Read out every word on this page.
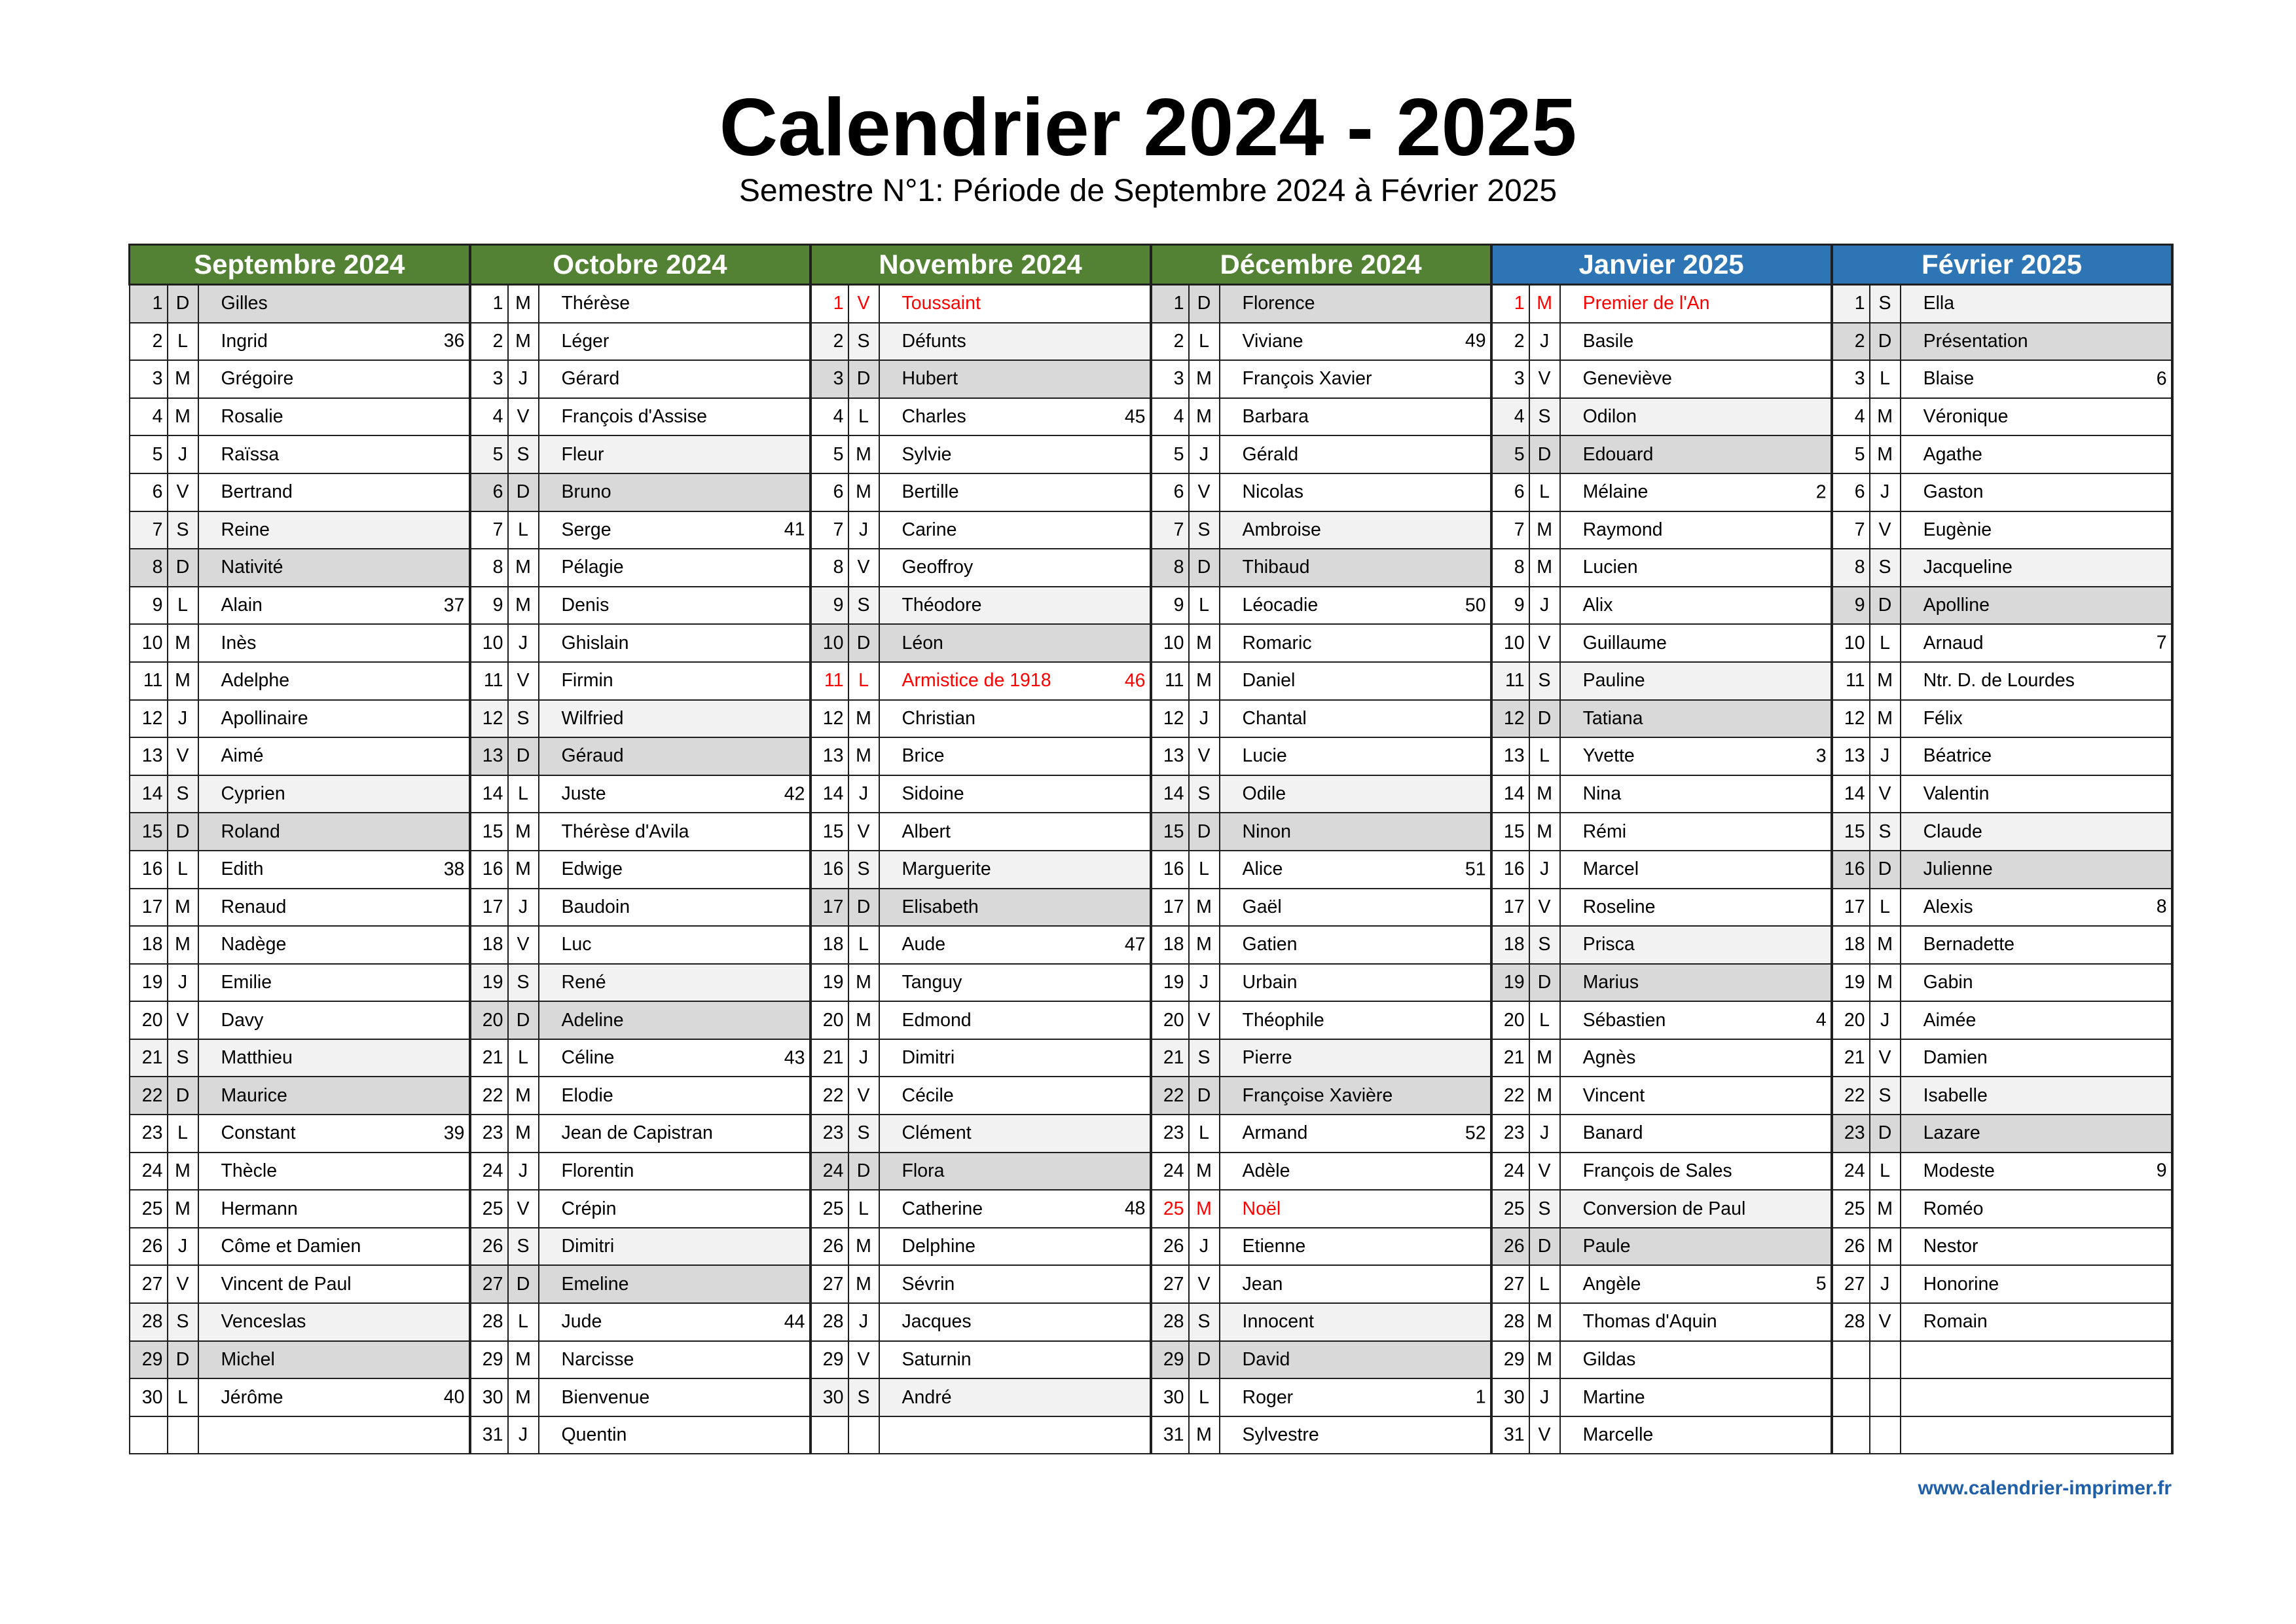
Calendrier 2024 - 2025
Semestre N°1: Période de Septembre 2024 à Février 2025
Septembre 2024			Octobre 2024			Novembre 2024			Décembre 2024			Janvier 2025			Février 2025		
1	D	Gilles	1	M	Thérèse	1	V	Toussaint	1	D	Florence	1	M	Premier de l'An	1	S	Ella
2	L	Ingrid 36	2	M	Léger	2	S	Défunts	2	L	Viviane 49	2	J	Basile	2	D	Présentation
3	M	Grégoire	3	J	Gérard	3	D	Hubert	3	M	François Xavier	3	V	Geneviève	3	L	Blaise 6

4	M	Rosalie	4	V	François d'Assise	4	L	Charles 45	4	M	Barbara	4	S	Odilon	4	M	Véronique
5	J	Raïssa	5	S	Fleur	5	M	Sylvie	5	J	Gérald	5	D	Edouard	5	M	Agathe
6	V	Bertrand	6	D	Bruno	6	M	Bertille	6	V	Nicolas	6	L	Mélaine 2	6	J	Gaston
7	S	Reine	7	L	Serge 41	7	J	Carine	7	S	Ambroise	7	M	Raymond	7	V	Eugènie
8	D	Nativité	8	M	Pélagie	8	V	Geoffroy	8	D	Thibaud	8	M	Lucien	8	S	Jacqueline
9	L	Alain 37	9	M	Denis	9	S	Théodore	9	L	Léocadie 50	9	J	Alix	9	D	Apolline
10	M	Inès	10	J	Ghislain	10	D	Léon	10	M	Romaric	10	V	Guillaume	10	L	Arnaud 7

11	M	Adelphe	11	V	Firmin	11	L	Armistice de 1918 46	11	M	Daniel	11	S	Pauline	11	M	Ntr. D. de Lourdes
12	J	Apollinaire	12	S	Wilfried	12	M	Christian	12	J	Chantal	12	D	Tatiana	12	M	Félix
13	V	Aimé	13	D	Géraud	13	M	Brice	13	V	Lucie	13	L	Yvette 3	13	J	Béatrice
14	S	Cyprien	14	L	Juste 42	14	J	Sidoine	14	S	Odile	14	M	Nina	14	V	Valentin
15	D	Roland	15	M	Thérèse d'Avila	15	V	Albert	15	D	Ninon	15	M	Rémi	15	S	Claude
16	L	Edith 38	16	M	Edwige	16	S	Marguerite	16	L	Alice 51	16	J	Marcel	16	D	Julienne
17	M	Renaud	17	J	Baudoin	17	D	Elisabeth	17	M	Gaël	17	V	Roseline	17	L	Alexis 8

18	M	Nadège	18	V	Luc	18	L	Aude 47	18	M	Gatien	18	S	Prisca	18	M	Bernadette
19	J	Emilie	19	S	René	19	M	Tanguy	19	J	Urbain	19	D	Marius	19	M	Gabin
20	V	Davy	20	D	Adeline	20	M	Edmond	20	V	Théophile	20	L	Sébastien 4	20	J	Aimée
21	S	Matthieu	21	L	Céline 43	21	J	Dimitri	21	S	Pierre	21	M	Agnès	21	V	Damien
22	D	Maurice	22	M	Elodie	22	V	Cécile	22	D	Françoise Xavière	22	M	Vincent	22	S	Isabelle
23	L	Constant 39	23	M	Jean de Capistran	23	S	Clément	23	L	Armand 52	23	J	Banard	23	D	Lazare
24	M	Thècle	24	J	Florentin	24	D	Flora	24	M	Adèle	24	V	François de Sales	24	L	Modeste 9

25	M	Hermann	25	V	Crépin	25	L	Catherine 48	25	M	Noël	25	S	Conversion de Paul	25	M	Roméo
26	J	Côme et Damien	26	S	Dimitri	26	M	Delphine	26	J	Etienne	26	D	Paule	26	M	Nestor
27	V	Vincent de Paul	27	D	Emeline	27	M	Sévrin	27	V	Jean	27	L	Angèle 5	27	J	Honorine
28	S	Venceslas	28	L	Jude 44	28	J	Jacques	28	S	Innocent	28	M	Thomas d'Aquin	28	V	Romain
29	D	Michel	29	M	Narcisse	29	V	Saturnin	29	D	David	29	M	Gildas			
30	L	Jérôme 40	30	M	Bienvenue	30	S	André	30	L	Roger 1	30	J	Martine			
			31	J	Quentin				31	M	Sylvestre	31	V	Marcelle			
www.calendrier-imprimer.fr
